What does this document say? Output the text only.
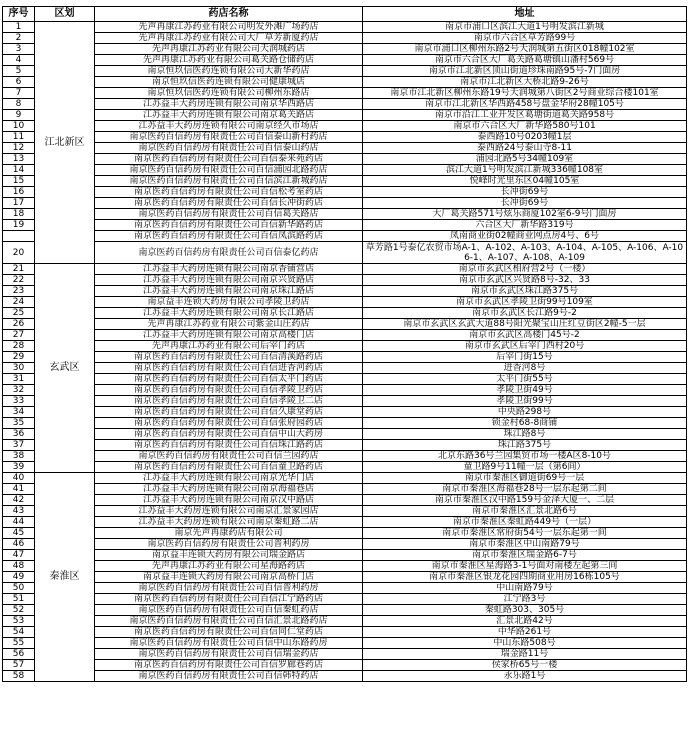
序号	区划	药店名称	地址
1	江北新区	先声再康江苏药业有限公司明发外滩广场药店	南京市浦口区滨江大道1号明发滨江新城
2		先声再康江苏药业有限公司大厂草芳新厦药店	南京市六合区草芳路99号
3		先声再康江苏药业有限公司天润城药店	南京市浦口区柳州东路2号天润城第五街区018幢102室
4		先声再康江苏药业有限公司葛关路仓储药店	南京市六合区大厂葛关路葛塘镇山潘村569号
5		南京恒玖信医药连锁有限公司大新华药店	南京市江北新区顶山街道珍珠南路95号-7门面房
6		南京恒玖信医药连锁有限公司健康城店	南京市江北新区大桥北路9-26号
7		南京恒玖信医药连锁有限公司柳州东路店	南京市江北新区柳州东路19号天润城第八街区2号商业综合楼101室
8		江苏益丰大药房连锁有限公司南京华西路店	南京市江北新区华西路458号盘金华府28幢105号
9		江苏益丰大药房连锁有限公司南京葛关路店	南京市沿江工业开发区葛塘街道葛关路958号
10		江苏益丰大药房连锁有限公司南京经久市场店	南京市六合区大厂新华路580号101
11		南京医药百信药房有限责任公司百信泰山新村药店	泰西路10号0203幢1层
12		南京医药百信药房有限责任公司百信泰山药店	泰西路24号泰山寺8-11
13		南京医药百信药房有限责任公司百信泰来苑药店	浦园北路5号34幢109室
14		南京医药百信药房有限责任公司百信浦园北路药店	滨江大道1号明发滨江新城336幢108室
15		南京医药百信药房有限责任公司百信滨江新城药店	悦峰时光里东区04幢105室
16		南京医药百信药房有限责任公司百信松考室药店	长冲街69号
17		南京医药百信药房有限责任公司百信长冲街药店	长冲街69号
18		南京医药百信药房有限责任公司百信葛关路店	大厂葛关路571号炫乐商厦102室6-9号门面房
19		南京医药百信药房有限责任公司百信新华路药店	六合区大厂新华路319号
		南京医药百信药房有限责任公司百信凤滨路药店	凤南商业街02幢商业网点房4号、6号
20		南京医药百信药房有限责任公司百信泰亿药店	草芳路1号泰亿农贸市场A-1、A-102、A-103、A-104、A-105、A-106、A-106-1、A-107、A-108、A-109
21	玄武区	江苏益丰大药房连锁有限公司南京香铺营店	南京市玄武区相府营2号（一楼）
22		江苏益丰大药房连锁有限公司南京兴贤路店	南京市玄武区兴贤路8号-32、33
23		江苏益丰大药房连锁有限公司南京珠江路店	南京市玄武区珠江路375号
24		南京益丰连锁大药房有限公司孝陵卫药店	南京市玄武区孝陵卫街99号109室
25		江苏益丰大药房连锁有限公司南京长江路店	南京市玄武区长江路9号-2
26		先声再康江苏药业有限公司紫金山庄药店	南京市玄武区玄武大道88号阳光聚宝山庄红豆街区2幢-5一层
27		江苏益丰大药房连锁有限公司南京高楼门店	南京市玄武区高楼门45号-2
28		先声再康江苏药业有限公司后宰门药店	南京市玄武区后宰门西村20号
29		南京医药百信药房有限责任公司百信清溪路药店	后宰门街15号
30		南京医药百信药房有限责任公司百信进香河药店	进香河8号
31		南京医药百信药房有限责任公司百信太平门药店	太平门街55号
32		南京医药百信药房有限责任公司百信孝陵卫药店	孝陵卫街49号
33		南京医药百信药房有限责任公司百信孝陵卫二店	孝陵卫街99号
34		南京医药百信药房有限责任公司百信久康堂药店	中央路298号
35		南京医药百信药房有限责任公司百信张府园药店	锁金村68-8商铺
36		南京医药百信药房有限责任公司百信中山大药房	珠江路8号
37		南京医药百信药房有限责任公司百信珠江路药店	珠江路375号
38		南京医药百信药房有限责任公司百信兰园药店	北京东路36号兰园集贸市场一楼A区8-10号
39		南京医药百信药房有限责任公司百信童卫路药店	童卫路9号11幢一层（第6间）
40	秦淮区	江苏益丰大药房连锁有限公司南京光华门店	南京市秦淮区御道街69号一层
41		江苏益丰大药房连锁有限公司南京海福巷店	南京市秦淮区海福巷28号一层东起第二间
42		江苏益丰大药房连锁有限公司南京汉中路店	南京市秦淮区汉中路159号金泽大厦一、二层
43		江苏益丰大药房连锁有限公司南京汇景家园店	南京市秦淮区汇景北路6号
44		江苏益丰大药房连锁有限公司南京秦虹路二店	南京市秦淮区秦虹路449号（一层）
45		南京先声再康药店有限公司	南京市秦淮区常府街54号一层东起第一间
46		南京医药百信药房有限责任公司普利药房	南京市秦淮区中山南路79号
47		南京益丰连锁大药房有限公司瑞金路店	南京市秦淮区瑞金路6-7号
48		先声再康江苏药业有限公司星海路药店	南京市秦淮区星海路3-1号面对南楼左起第三间
49		南京益丰连锁大药房有限公司南京高桥门店	南京市秦淮区银龙花园四期商业用房16栋105号
50		南京医药百信药房有限责任公司百信普利药房	中山南路79号
51		南京医药百信药房有限责任公司百信江宁路药店	江宁路3号
52		南京医药百信药房有限责任公司百信秦虹药店	秦虹路303、305号
53		南京医药百信药房有限责任公司百信汇景北路药店	汇景北路42号
54		南京医药百信药房有限责任公司百信同仁堂药店	中华路261号
55		南京医药百信药房有限责任公司百信中山东路药房	中山东路508号
56		南京医药百信药房有限责任公司百信瑞金药店	瑞金路11号
57		南京医药百信药房有限责任公司百信罗廊巷药店	侯家桥65号一楼
58		南京医药百信药房有限责任公司百信韩特药店	永乐路1号
